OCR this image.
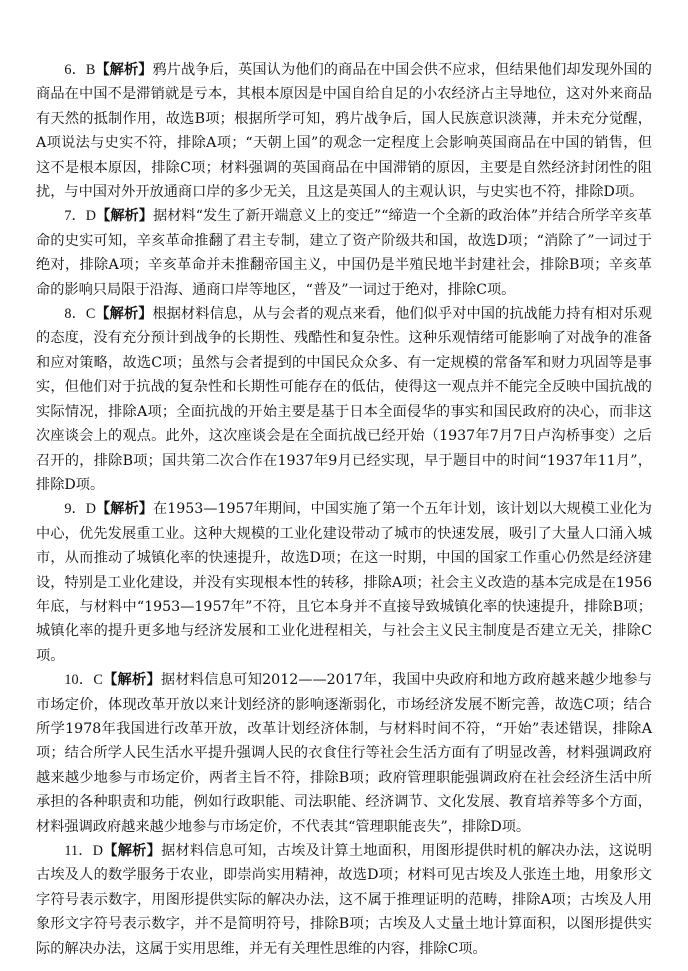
6．B【解析】鸦片战争后，英国认为他们的商品在中国会供不应求，但结果他们却发现外国的商品在中国不是滞销就是亏本，其根本原因是中国自给自足的小农经济占主导地位，这对外来商品有天然的抵制作用，故选B项；根据所学可知，鸦片战争后，国人民族意识淡薄，并未充分觉醒，A项说法与史实不符，排除A项；“天朝上国”的观念一定程度上会影响英国商品在中国的销售，但这不是根本原因，排除C项；材料强调的英国商品在中国滞销的原因，主要是自然经济封闭性的阻扰，与中国对外开放通商口岸的多少无关，且这是英国人的主观认识，与史实也不符，排除D项。

7．D【解析】据材料“发生了新开端意义上的变迁”“缔造一个全新的政治体”并结合所学辛亥革命的史实可知，辛亥革命推翻了君主专制，建立了资产阶级共和国，故选D项；“消除了”一词过于绝对，排除A项；辛亥革命并未推翻帝国主义，中国仍是半殖民地半封建社会，排除B项；辛亥革命的影响只局限于沿海、通商口岸等地区，“普及”一词过于绝对，排除C项。

8．C【解析】根据材料信息，从与会者的观点来看，他们似乎对中国的抗战能力持有相对乐观的态度，没有充分预计到战争的长期性、残酷性和复杂性。这种乐观情绪可能影响了对战争的准备和应对策略，故选C项；虽然与会者提到的中国民众众多、有一定规模的常备军和财力巩固等是事实，但他们对于抗战的复杂性和长期性可能存在的低估，使得这一观点并不能完全反映中国抗战的实际情况，排除A项；全面抗战的开始主要是基于日本全面侵华的事实和国民政府的决心，而非这次座谈会上的观点。此外，这次座谈会是在全面抗战已经开始（1937年7月7日卢沟桥事变）之后召开的，排除B项；国共第二次合作在1937年9月已经实现，早于题目中的时间“1937年11月”，排除D项。

9．D【解析】在1953—1957年期间，中国实施了第一个五年计划，该计划以大规模工业化为中心，优先发展重工业。这种大规模的工业化建设带动了城市的快速发展，吸引了大量人口涌入城市，从而推动了城镇化率的快速提升，故选D项；在这一时期，中国的国家工作重心仍然是经济建设，特别是工业化建设，并没有实现根本性的转移，排除A项；社会主义改造的基本完成是在1956年底，与材料中“1953—1957年”不符，且它本身并不直接导致城镇化率的快速提升，排除B项；城镇化率的提升更多地与经济发展和工业化进程相关，与社会主义民主制度是否建立无关，排除C项。

10．C【解析】据材料信息可知2012——2017年，我国中央政府和地方政府越来越少地参与市场定价，体现改革开放以来计划经济的影响逐渐弱化，市场经济发展不断完善，故选C项；结合所学1978年我国进行改革开放，改革计划经济体制，与材料时间不符，“开始”表述错误，排除A项；结合所学人民生活水平提升强调人民的衣食住行等社会生活方面有了明显改善，材料强调政府越来越少地参与市场定价，两者主旨不符，排除B项；政府管理职能强调政府在社会经济生活中所承担的各种职责和功能，例如行政职能、司法职能、经济调节、文化发展、教育培养等多个方面，材料强调政府越来越少地参与市场定价，不代表其“管理职能丧失”，排除D项。

11．D【解析】据材料信息可知，古埃及计算土地面积，用图形提供时机的解决办法，这说明古埃及人的数学服务于农业，即崇尚实用精神，故选D项；材料可见古埃及人张连土地，用象形文字符号表示数字，用图形提供实际的解决办法，这不属于推理证明的范畴，排除A项；古埃及人用象形文字符号表示数字，并不是简明符号，排除B项；古埃及人丈量土地计算面积，以图形提供实际的解决办法，这属于实用思维，并无有关理性思维的内容，排除C项。
